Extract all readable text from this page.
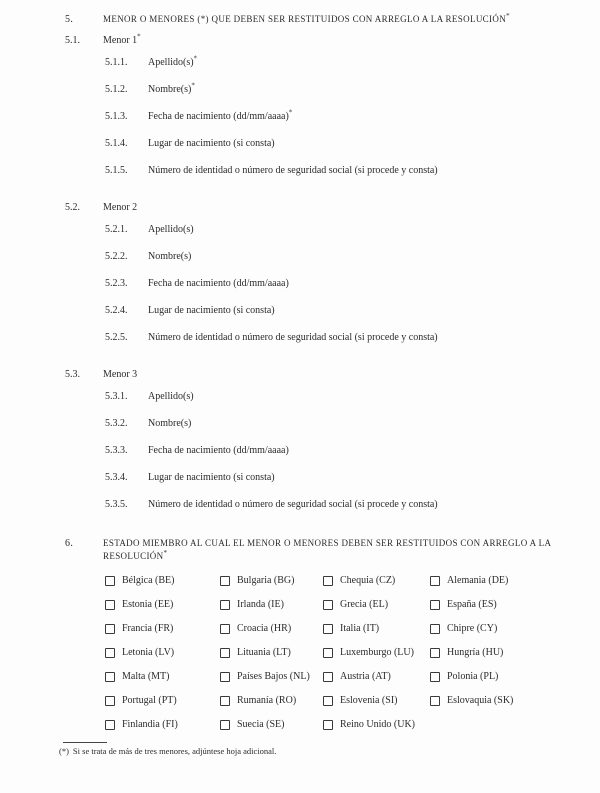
5.	MENOR O MENORES (*) QUE DEBEN SER RESTITUIDOS CON ARREGLO A LA RESOLUCIÓN*
5.1.	Menor 1*
5.1.1.	Apellido(s)*
5.1.2.	Nombre(s)*
5.1.3.	Fecha de nacimiento (dd/mm/aaaa)*
5.1.4.	Lugar de nacimiento (si consta)
5.1.5.	Número de identidad o número de seguridad social (si procede y consta)
5.2.	Menor 2
5.2.1.	Apellido(s)
5.2.2.	Nombre(s)
5.2.3.	Fecha de nacimiento (dd/mm/aaaa)
5.2.4.	Lugar de nacimiento (si consta)
5.2.5.	Número de identidad o número de seguridad social (si procede y consta)
5.3.	Menor 3
5.3.1.	Apellido(s)
5.3.2.	Nombre(s)
5.3.3.	Fecha de nacimiento (dd/mm/aaaa)
5.3.4.	Lugar de nacimiento (si consta)
5.3.5.	Número de identidad o número de seguridad social (si procede y consta)
6.	ESTADO MIEMBRO AL CUAL EL MENOR O MENORES DEBEN SER RESTITUIDOS CON ARREGLO A LA RESOLUCIÓN*
Bélgica (BE)	Bulgaria (BG)	Chequia (CZ)	Alemania (DE)
Estonia (EE)	Irlanda (IE)	Grecia (EL)	España (ES)
Francia (FR)	Croacia (HR)	Italia (IT)	Chipre (CY)
Letonia (LV)	Lituania (LT)	Luxemburgo (LU)	Hungría (HU)
Malta (MT)	Países Bajos (NL)	Austria (AT)	Polonia (PL)
Portugal (PT)	Rumanía (RO)	Eslovenia (SI)	Eslovaquia (SK)
Finlandia (FI)	Suecia (SE)	Reino Unido (UK)
(*) Si se trata de más de tres menores, adjúntese hoja adicional.
